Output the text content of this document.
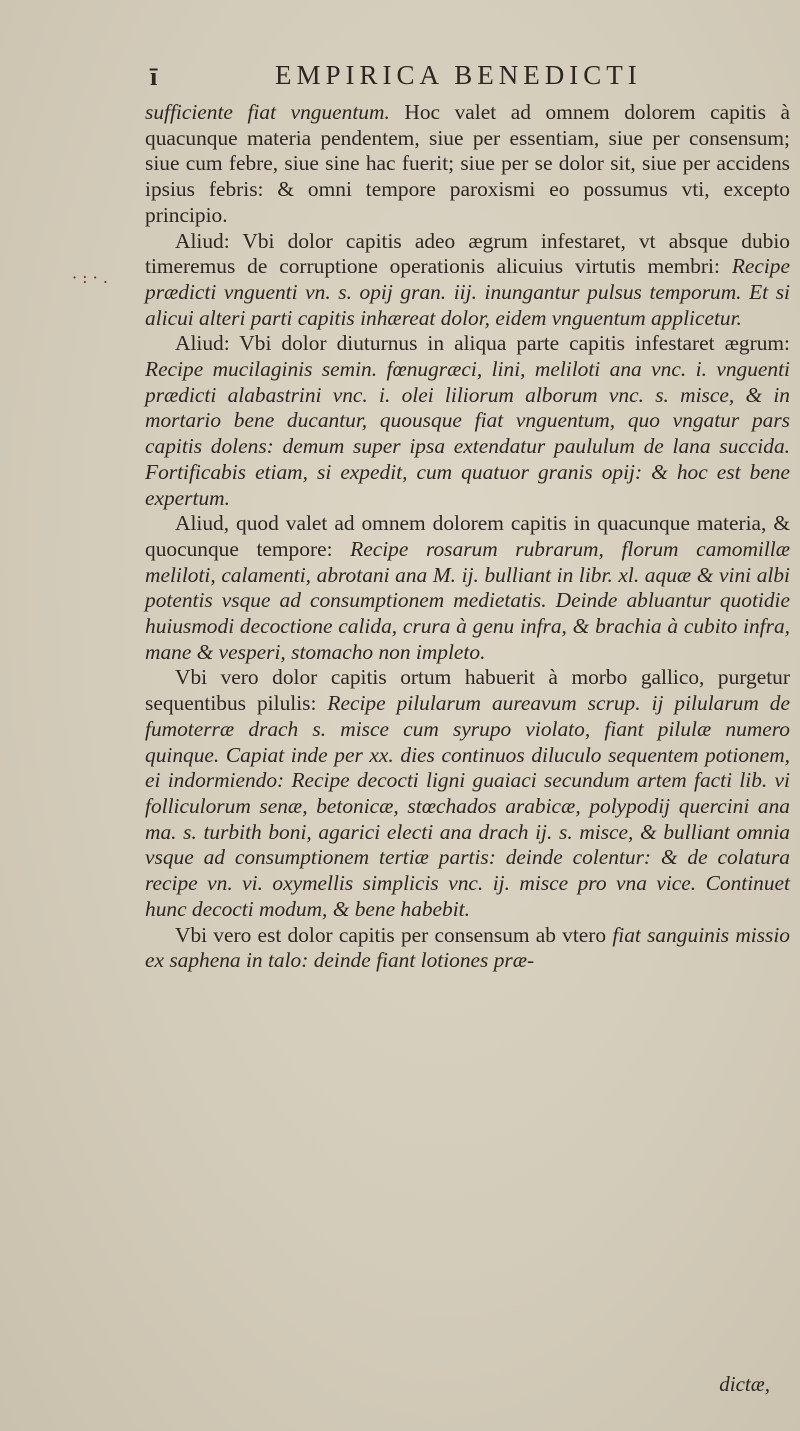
ī	EMPIRICA BENEDICTI
· : · .

sufficiente fiat vnguentum. Hoc valet ad omnem dolorem capitis à quacunque materia pendentem, siue per essentiam, siue per consensum; siue cum febre, siue sine hac fuerit; siue per se dolor sit, siue per accidens ipsius febris: & omni tempore paroxismi eo possumus vti, excepto principio.

Aliud: Vbi dolor capitis adeo ægrum infestaret, vt absque dubio timeremus de corruptione operationis alicuius virtutis membri: Recipe prædicti vnguenti vn. s. opij gran. iij. inungantur pulsus temporum. Et si alicui alteri parti capitis inhæreat dolor, eidem vnguentum applicetur.

Aliud: Vbi dolor diuturnus in aliqua parte capitis infestaret ægrum: Recipe mucilaginis semin. fœnugræci, lini, meliloti ana vnc. i. vnguenti prædicti alabastrini vnc. i. olei liliorum alborum vnc. s. misce, & in mortario bene ducantur, quousque fiat vnguentum, quo vngatur pars capitis dolens: demum super ipsa extendatur paululum de lana succida. Fortificabis etiam, si expedit, cum quatuor granis opij: & hoc est bene expertum.

Aliud, quod valet ad omnem dolorem capitis in quacunque materia, & quocunque tempore: Recipe rosarum rubrarum, florum camomillæ meliloti, calamenti, abrotani ana M. ij. bulliant in libr. xl. aquæ & vini albi potentis vsque ad consumptionem medietatis. Deinde abluantur quotidie huiusmodi decoctione calida, crura à genu infra, & brachia à cubito infra, mane & vesperi, stomacho non impleto.

Vbi vero dolor capitis ortum habuerit à morbo gallico, purgetur sequentibus pilulis: Recipe pilularum aureavum scrup. ij pilularum de fumoterræ drach s. misce cum syrupo violato, fiant pilulæ numero quinque. Capiat inde per xx. dies continuos diluculo sequentem potionem, ei indormiendo: Recipe decocti ligni guaiaci secundum artem facti lib. vi folliculorum senæ, betonicæ, stœchados arabicæ, polypodij quercini ana ma. s. turbith boni, agarici electi ana drach ij. s. misce, & bulliant omnia vsque ad consumptionem tertiæ partis: deinde colentur: & de colatura recipe vn. vi. oxymellis simplicis vnc. ij. misce pro vna vice. Continuet hunc decocti modum, & bene habebit.

Vbi vero est dolor capitis per consensum ab vtero fiat sanguinis missio ex saphena in talo: deinde fiant lotiones præ-

dictæ,
